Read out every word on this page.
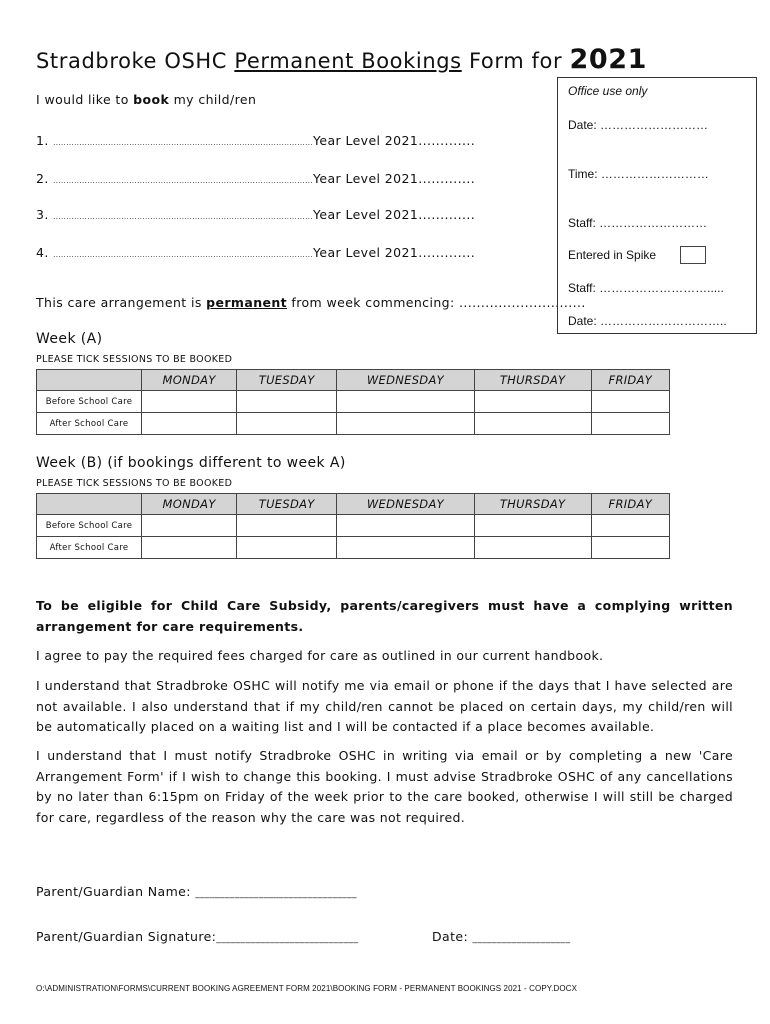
Stradbroke OSHC Permanent Bookings Form for 2021
I would like to book my child/ren
1. ...................................................................................................Year Level 2021.............
2. ...................................................................................................Year Level 2021.............
3. ...................................................................................................Year Level 2021.............
4. ...................................................................................................Year Level 2021.............
This care arrangement is permanent from week commencing: .............................
Office use only
Date: ………………………
Time: ………………………
Staff: ………………………
Entered in Spike
Staff: ……………………….....
Date: …………………………..
Week (A)
PLEASE TICK SESSIONS TO BE BOOKED
	MONDAY	TUESDAY	WEDNESDAY	THURSDAY	FRIDAY
Before School Care					
After School Care					
Week (B) (if bookings different to week A)
PLEASE TICK SESSIONS TO BE BOOKED
	MONDAY	TUESDAY	WEDNESDAY	THURSDAY	FRIDAY
Before School Care					
After School Care					
To be eligible for Child Care Subsidy, parents/caregivers must have a complying written arrangement for care requirements.
I agree to pay the required fees charged for care as outlined in our current handbook.
I understand that Stradbroke OSHC will notify me via email or phone if the days that I have selected are not available. I also understand that if my child/ren cannot be placed on certain days, my child/ren will be automatically placed on a waiting list and I will be contacted if a place becomes available.
I understand that I must notify Stradbroke OSHC in writing via email or by completing a new 'Care Arrangement Form' if I wish to change this booking. I must advise Stradbroke OSHC of any cancellations by no later than 6:15pm on Friday of the week prior to the care booked, otherwise I will still be charged for care, regardless of the reason why the care was not required.
Parent/Guardian Name: _________________________________
Parent/Guardian Signature:_____________________________	Date: ____________________
O:\ADMINISTRATION\FORMS\CURRENT BOOKING AGREEMENT FORM 2021\BOOKING FORM - PERMANENT BOOKINGS 2021 - COPY.DOCX
